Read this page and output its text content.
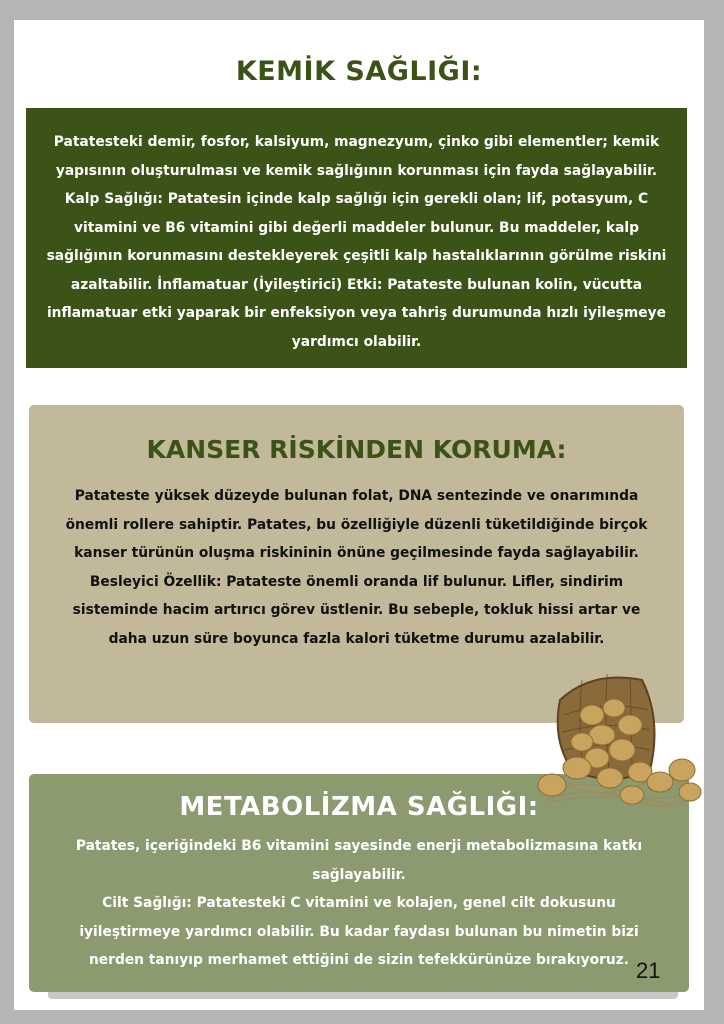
KEMİK SAĞLIĞI:

Patatesteki demir, fosfor, kalsiyum, magnezyum, çinko gibi elementler; kemik
yapısının oluşturulması ve kemik sağlığının korunması için fayda sağlayabilir.
Kalp Sağlığı: Patatesin içinde kalp sağlığı için gerekli olan; lif, potasyum, C
vitamini ve B6 vitamini gibi değerli maddeler bulunur. Bu maddeler, kalp
sağlığının korunmasını destekleyerek çeşitli kalp hastalıklarının görülme riskini
azaltabilir. İnflamatuar (İyileştirici) Etki: Patateste bulunan kolin, vücutta
inflamatuar etki yaparak bir enfeksiyon veya tahriş durumunda hızlı iyileşmeye
yardımcı olabilir.

KANSER RİSKİNDEN KORUMA:

Patateste yüksek düzeyde bulunan folat, DNA sentezinde ve onarımında
önemli rollere sahiptir. Patates, bu özelliğiyle düzenli tüketildiğinde birçok
kanser türünün oluşma riskininin önüne geçilmesinde fayda sağlayabilir.
Besleyici Özellik: Patateste önemli oranda lif bulunur. Lifler, sindirim
sisteminde hacim artırıcı görev üstlenir. Bu sebeple, tokluk hissi artar ve
daha uzun süre boyunca fazla kalori tüketme durumu azalabilir.

METABOLİZMA SAĞLIĞI:

Patates, içeriğindeki B6 vitamini sayesinde enerji metabolizmasına katkı
sağlayabilir.
Cilt Sağlığı: Patatesteki C vitamini ve kolajen, genel cilt dokusunu
iyileştirmeye yardımcı olabilir. Bu kadar faydası bulunan bu nimetin bizi
nerden tanıyıp merhamet ettiğini de sizin tefekkürünüze bırakıyoruz. 21
